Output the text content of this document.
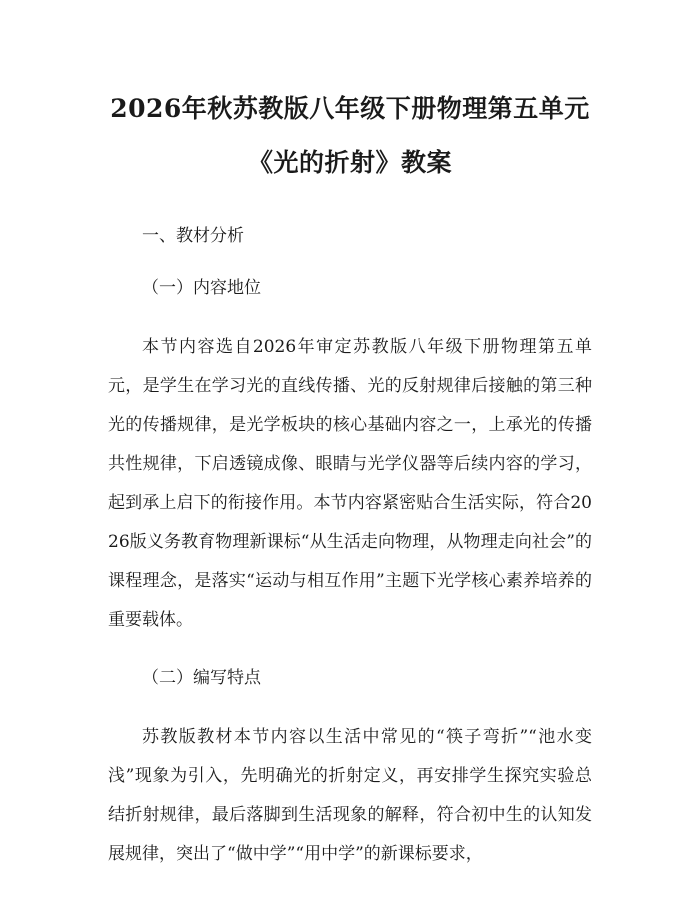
2026年秋苏教版八年级下册物理第五单元
《光的折射》教案

一、教材分析

（一）内容地位

本节内容选自2026年审定苏教版八年级下册物理第五单元，是学生在学习光的直线传播、光的反射规律后接触的第三种光的传播规律，是光学板块的核心基础内容之一，上承光的传播共性规律，下启透镜成像、眼睛与光学仪器等后续内容的学习，起到承上启下的衔接作用。本节内容紧密贴合生活实际，符合2026版义务教育物理新课标“从生活走向物理，从物理走向社会”的课程理念，是落实“运动与相互作用”主题下光学核心素养培养的重要载体。

（二）编写特点

苏教版教材本节内容以生活中常见的“筷子弯折”“池水变浅”现象为引入，先明确光的折射定义，再安排学生探究实验总结折射规律，最后落脚到生活现象的解释，符合初中生的认知发展规律，突出了“做中学”“用中学”的新课标要求，
